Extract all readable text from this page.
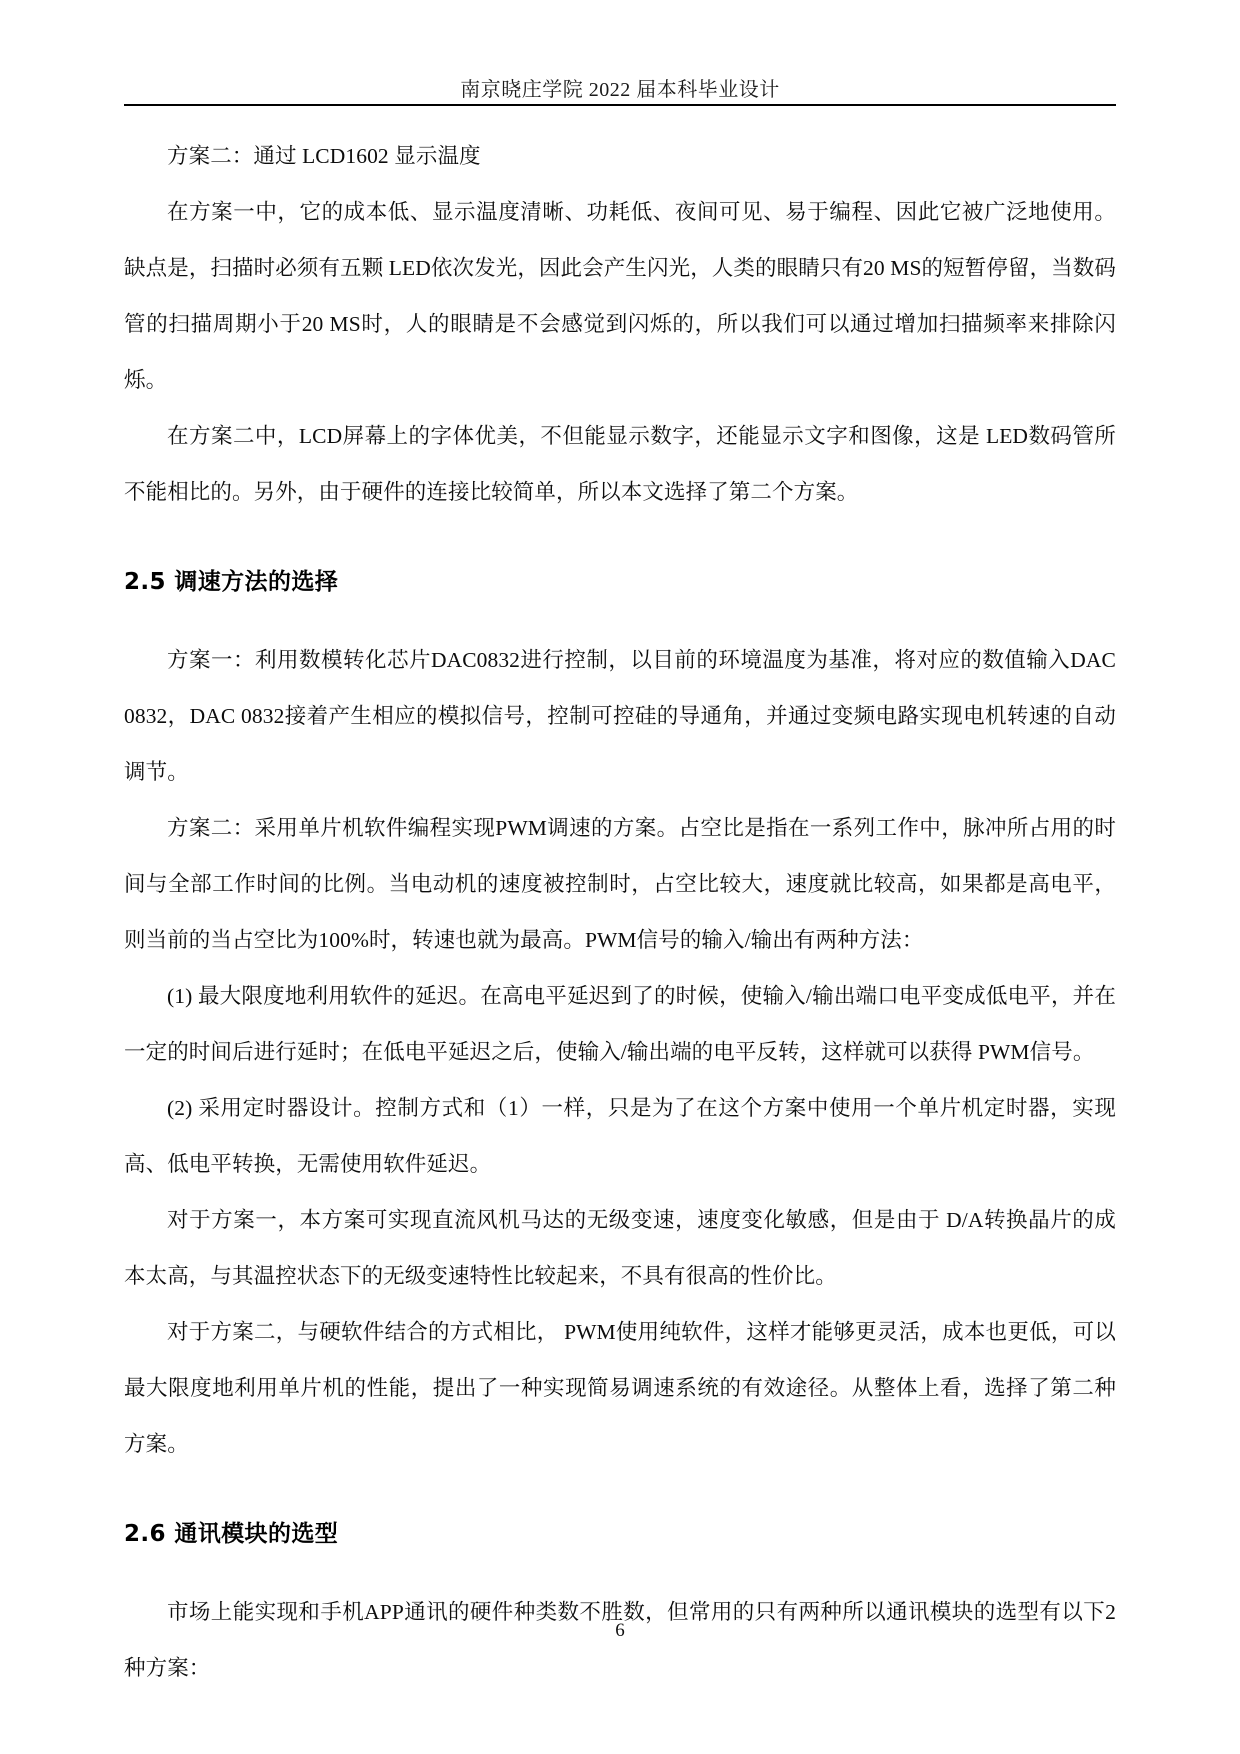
南京晓庄学院 2022 届本科毕业设计

方案二：通过 LCD1602 显示温度

在方案一中，它的成本低、显示温度清晰、功耗低、夜间可见、易于编程、因此它被广泛地使用。缺点是，扫描时必须有五颗 LED依次发光，因此会产生闪光，人类的眼睛只有20 MS的短暂停留，当数码管的扫描周期小于20 MS时，人的眼睛是不会感觉到闪烁的，所以我们可以通过增加扫描频率来排除闪烁。

在方案二中，LCD屏幕上的字体优美，不但能显示数字，还能显示文字和图像，这是 LED数码管所不能相比的。另外，由于硬件的连接比较简单，所以本文选择了第二个方案。

2.5 调速方法的选择

方案一：利用数模转化芯片DAC0832进行控制，以目前的环境温度为基准，将对应的数值输入DAC 0832，DAC 0832接着产生相应的模拟信号，控制可控硅的导通角，并通过变频电路实现电机转速的自动调节。

方案二：采用单片机软件编程实现PWM调速的方案。占空比是指在一系列工作中，脉冲所占用的时间与全部工作时间的比例。当电动机的速度被控制时，占空比较大，速度就比较高，如果都是高电平，则当前的当占空比为100%时，转速也就为最高。PWM信号的输入/输出有两种方法：

(1) 最大限度地利用软件的延迟。在高电平延迟到了的时候，使输入/输出端口电平变成低电平，并在一定的时间后进行延时；在低电平延迟之后，使输入/输出端的电平反转，这样就可以获得 PWM信号。

(2) 采用定时器设计。控制方式和（1）一样，只是为了在这个方案中使用一个单片机定时器，实现高、低电平转换，无需使用软件延迟。

对于方案一，本方案可实现直流风机马达的无级变速，速度变化敏感，但是由于 D/A转换晶片的成本太高，与其温控状态下的无级变速特性比较起来，不具有很高的性价比。

对于方案二，与硬软件结合的方式相比， PWM使用纯软件，这样才能够更灵活，成本也更低，可以最大限度地利用单片机的性能，提出了一种实现简易调速系统的有效途径。从整体上看，选择了第二种方案。

2.6 通讯模块的选型

市场上能实现和手机APP通讯的硬件种类数不胜数，但常用的只有两种所以通讯模块的选型有以下2种方案：

6
